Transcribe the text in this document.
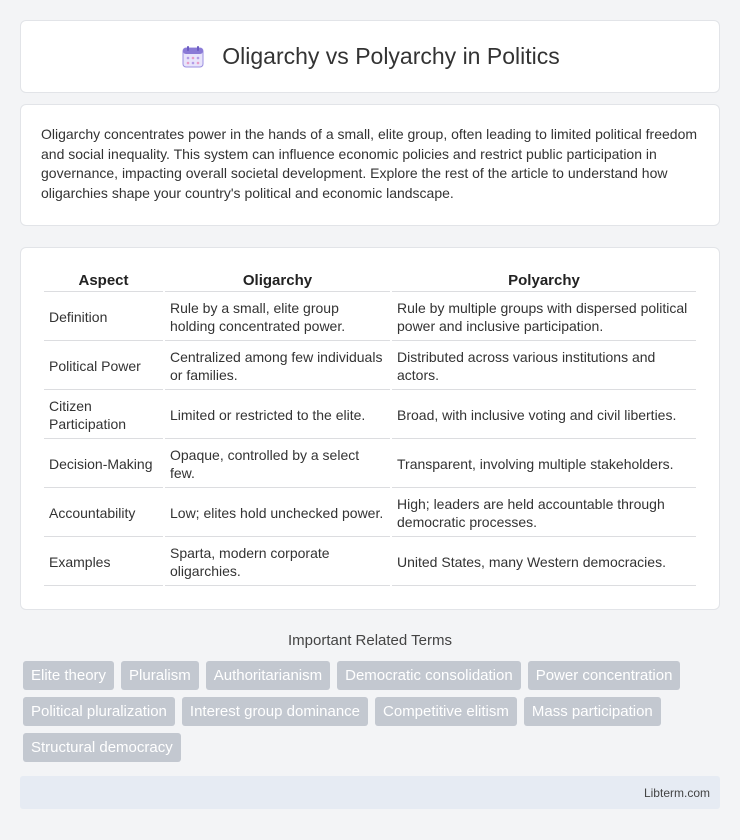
Oligarchy vs Polyarchy in Politics

Oligarchy concentrates power in the hands of a small, elite group, often leading to limited political freedom and social inequality. This system can influence economic policies and restrict public participation in governance, impacting overall societal development. Explore the rest of the article to understand how oligarchies shape your country's political and economic landscape.

Aspect	Oligarchy	Polyarchy
Definition	Rule by a small, elite group holding concentrated power.	Rule by multiple groups with dispersed political power and inclusive participation.
Political Power	Centralized among few individuals or families.	Distributed across various institutions and actors.
Citizen Participation	Limited or restricted to the elite.	Broad, with inclusive voting and civil liberties.
Decision-Making	Opaque, controlled by a select few.	Transparent, involving multiple stakeholders.
Accountability	Low; elites hold unchecked power.	High; leaders are held accountable through democratic processes.
Examples	Sparta, modern corporate oligarchies.	United States, many Western democracies.
Important Related Terms
Elite theory	Pluralism	Authoritarianism	Democratic consolidation	Power concentration
Political pluralization	Interest group dominance	Competitive elitism	Mass participation
Structural democracy
Libterm.com
